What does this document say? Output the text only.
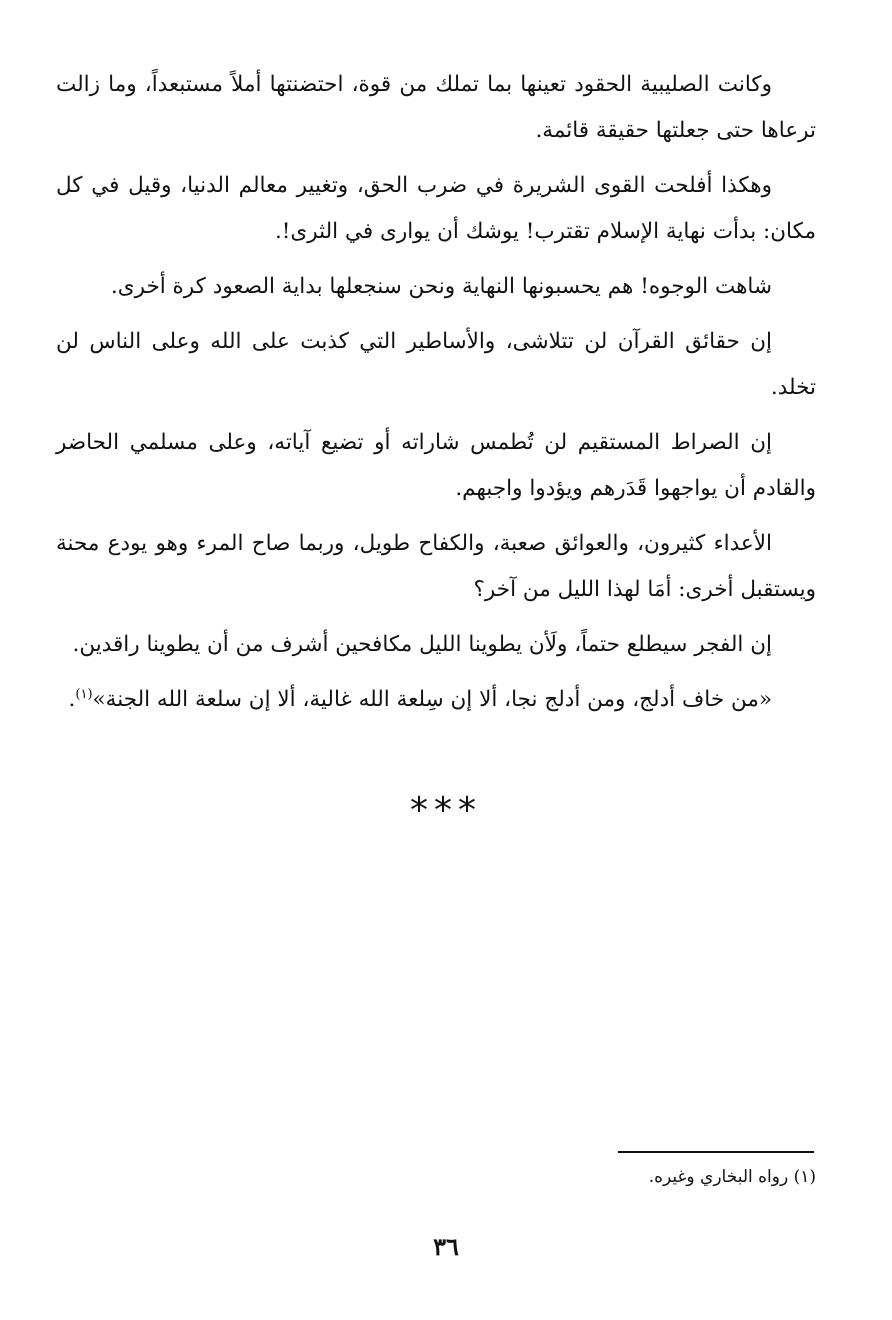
وكانت الصليبية الحقود تعينها بما تملك من قوة، احتضنتها أملاً مستبعداً، وما زالت ترعاها حتى جعلتها حقيقة قائمة.

وهكذا أفلحت القوى الشريرة في ضرب الحق، وتغيير معالم الدنيا، وقيل في كل مكان: بدأت نهاية الإسلام تقترب! يوشك أن يوارى في الثرى!.

شاهت الوجوه! هم يحسبونها النهاية ونحن سنجعلها بداية الصعود كرة أخرى.

إن حقائق القرآن لن تتلاشى، والأساطير التي كذبت على الله وعلى الناس لن تخلد.

إن الصراط المستقيم لن تُطمس شاراته أو تضيع آياته، وعلى مسلمي الحاضر والقادم أن يواجهوا قَدَرهم ويؤدوا واجبهم.

الأعداء كثيرون، والعوائق صعبة، والكفاح طويل، وربما صاح المرء وهو يودع محنة ويستقبل أخرى: أمَا لهذا الليل من آخر؟

إن الفجر سيطلع حتماً، ولَأن يطوينا الليل مكافحين أشرف من أن يطوينا راقدين.

«من خاف أدلج، ومن أدلج نجا، ألا إن سِلعة الله غالية، ألا إن سلعة الله الجنة»$^{(١)}$.

***
(١) رواه البخاري وغيره.
٣٦
